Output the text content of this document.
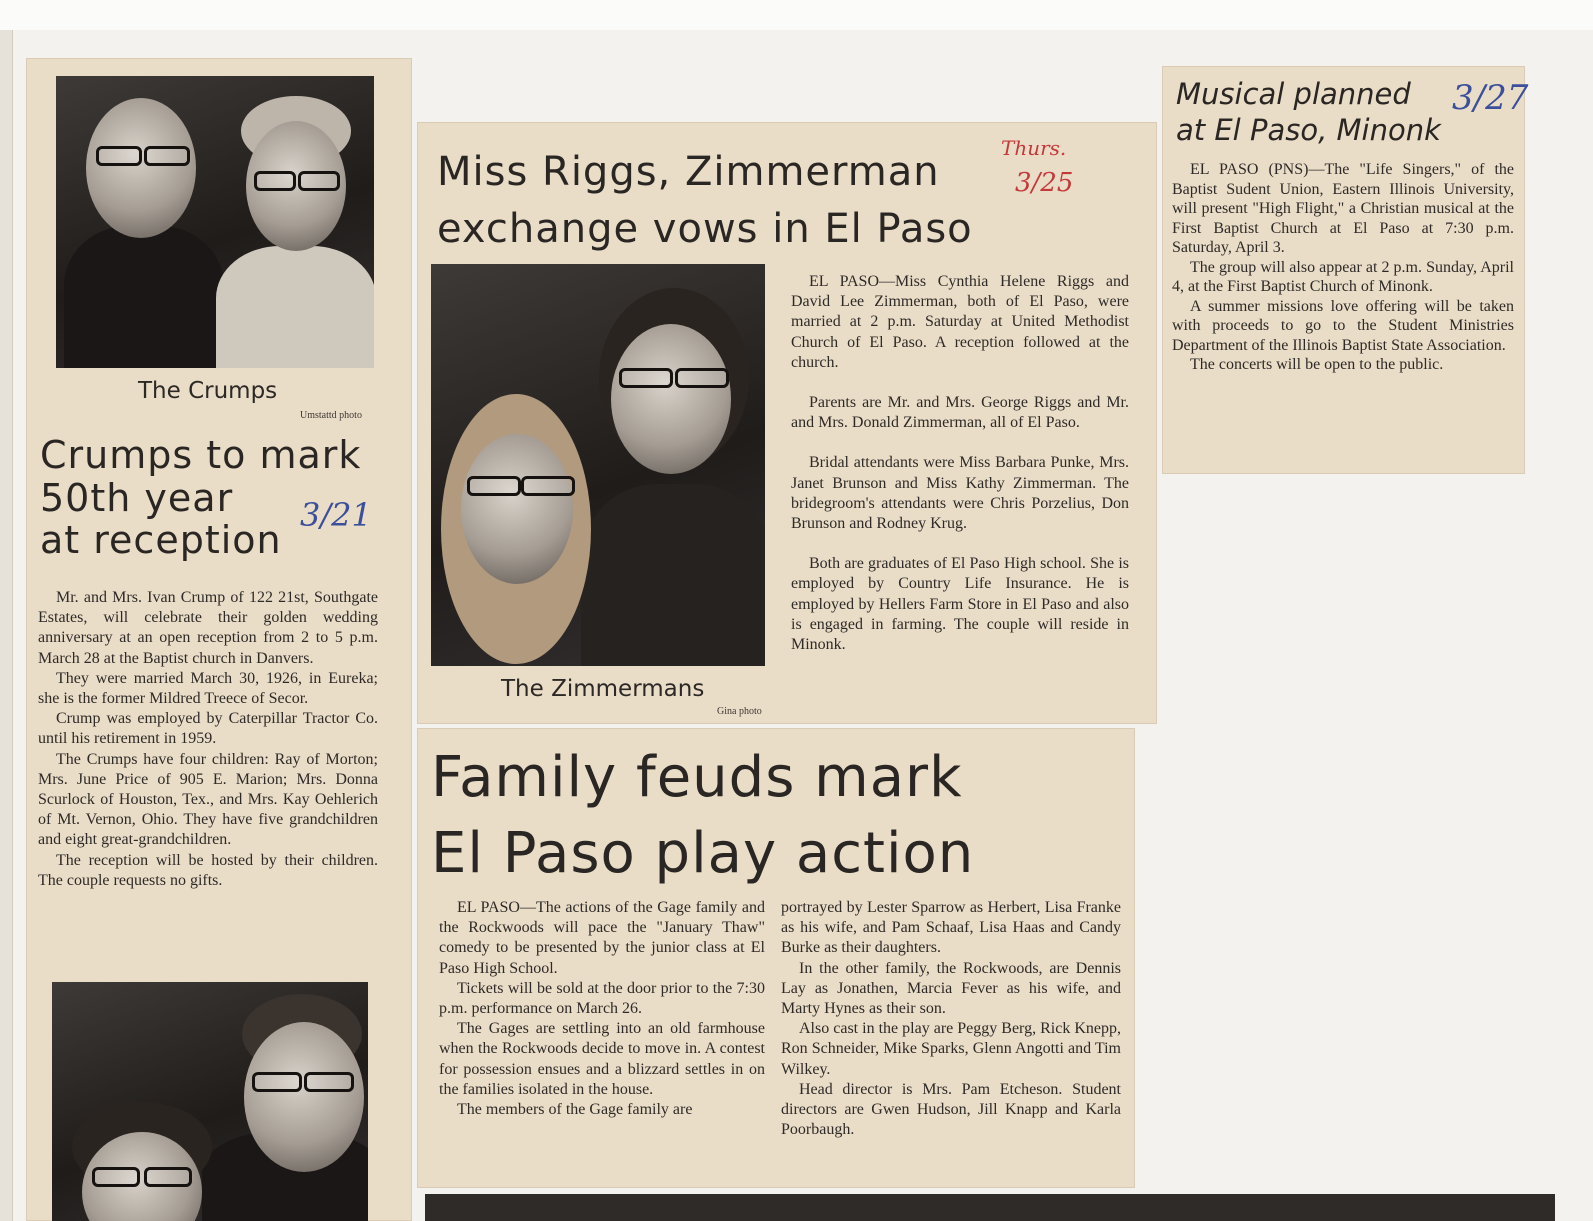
The Crumps
Umstattd photo
Crumps to mark
50th year
at reception
3/21

Mr. and Mrs. Ivan Crump of 122 21st, Southgate Estates, will celebrate their golden wedding anniversary at an open reception from 2 to 5 p.m. March 28 at the Baptist church in Danvers.

They were married March 30, 1926, in Eureka; she is the former Mildred Treece of Secor.

Crump was employed by Caterpillar Tractor Co. until his retirement in 1959.

The Crumps have four children: Ray of Morton; Mrs. June Price of 905 E. Marion; Mrs. Donna Scurlock of Houston, Tex., and Mrs. Kay Oehlerich of Mt. Vernon, Ohio. They have five grandchildren and eight great-grandchildren.

The reception will be hosted by their children. The couple requests no gifts.

Miss Riggs, Zimmerman
exchange vows in El Paso
Thurs.
3/25
The Zimmermans
Gina photo

EL PASO—Miss Cynthia Helene Riggs and David Lee Zimmerman, both of El Paso, were married at 2 p.m. Saturday at United Methodist Church of El Paso. A reception followed at the church.

Parents are Mr. and Mrs. George Riggs and Mr. and Mrs. Donald Zimmerman, all of El Paso.

Bridal attendants were Miss Barbara Punke, Mrs. Janet Brunson and Miss Kathy Zimmerman. The bridegroom's attendants were Chris Porzelius, Don Brunson and Rodney Krug.

Both are graduates of El Paso High school. She is employed by Country Life Insurance. He is employed by Hellers Farm Store in El Paso and also is engaged in farming. The couple will reside in Minonk.

Musical planned
at El Paso, Minonk
3/27

EL PASO (PNS)—The "Life Singers," of the Baptist Sudent Union, Eastern Illinois University, will present "High Flight," a Christian musical at the First Baptist Church at El Paso at 7:30 p.m. Saturday, April 3.

The group will also appear at 2 p.m. Sunday, April 4, at the First Baptist Church of Minonk.

A summer missions love offering will be taken with proceeds to go to the Student Ministries Department of the Illinois Baptist State Association.

The concerts will be open to the public.

Family feuds mark
El Paso play action

EL PASO—The actions of the Gage family and the Rockwoods will pace the "January Thaw" comedy to be presented by the junior class at El Paso High School.

Tickets will be sold at the door prior to the 7:30 p.m. performance on March 26.

The Gages are settling into an old farmhouse when the Rockwoods decide to move in. A contest for possession ensues and a blizzard settles in on the families isolated in the house.

The members of the Gage family are

portrayed by Lester Sparrow as Herbert, Lisa Franke as his wife, and Pam Schaaf, Lisa Haas and Candy Burke as their daughters.

In the other family, the Rockwoods, are Dennis Lay as Jonathen, Marcia Fever as his wife, and Marty Hynes as their son.

Also cast in the play are Peggy Berg, Rick Knepp, Ron Schneider, Mike Sparks, Glenn Angotti and Tim Wilkey.

Head director is Mrs. Pam Etcheson. Student directors are Gwen Hudson, Jill Knapp and Karla Poorbaugh.
